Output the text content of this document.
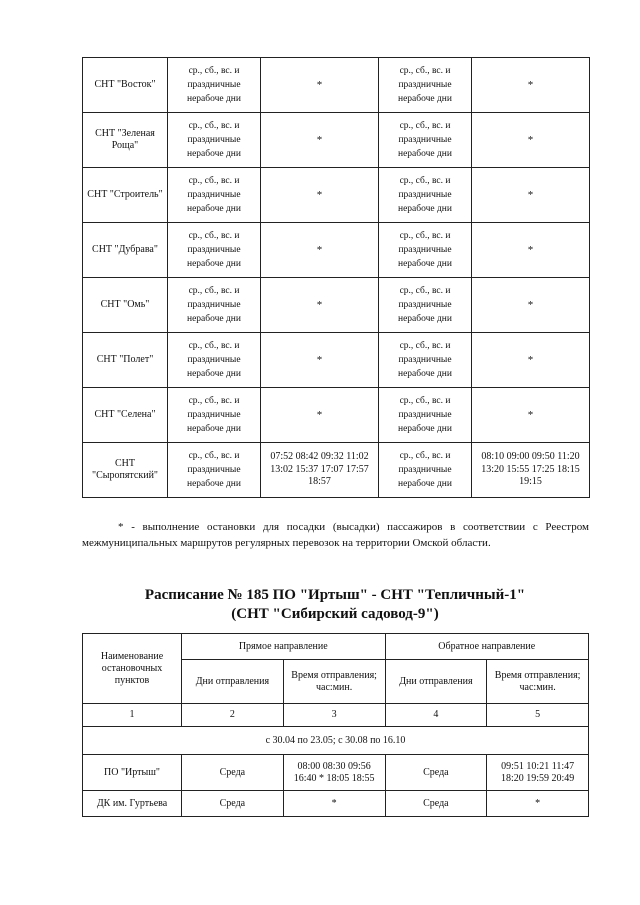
СНТ "Восток"	ср., сб., вс. и праздничные нерабоче дни	*	ср., сб., вс. и праздничные нерабоче дни	*
СНТ "Зеленая Роща"	ср., сб., вс. и праздничные нерабоче дни	*	ср., сб., вс. и праздничные нерабоче дни	*
СНТ "Строитель"	ср., сб., вс. и праздничные нерабоче дни	*	ср., сб., вс. и праздничные нерабоче дни	*
СНТ "Дубрава"	ср., сб., вс. и праздничные нерабоче дни	*	ср., сб., вс. и праздничные нерабоче дни	*
СНТ "Омь"	ср., сб., вс. и праздничные нерабоче дни	*	ср., сб., вс. и праздничные нерабоче дни	*
СНТ "Полет"	ср., сб., вс. и праздничные нерабоче дни	*	ср., сб., вс. и праздничные нерабоче дни	*
СНТ "Селена"	ср., сб., вс. и праздничные нерабоче дни	*	ср., сб., вс. и праздничные нерабоче дни	*
СНТ "Сыропятский"	ср., сб., вс. и праздничные нерабоче дни	07:52 08:42 09:32 11:02 13:02 15:37 17:07 17:57 18:57	ср., сб., вс. и праздничные нерабоче дни	08:10 09:00 09:50 11:20 13:20 15:55 17:25 18:15 19:15
* - выполнение остановки для посадки (высадки) пассажиров в соответствии с Реестром межмуниципальных маршрутов регулярных перевозок на территории Омской области.
Расписание № 185 ПО "Иртыш" - СНТ "Тепличный-1"
(СНТ "Сибирский садовод-9")
Наименование остановочных пунктов	Прямое направление		Обратное направление	
	Дни отправления	Время отправления; час:мин.	Дни отправления	Время отправления; час:мин.
1	2	3	4	5
с 30.04 по 23.05; с 30.08 по 16.10				
ПО "Иртыш"	Среда	08:00 08:30 09:56 16:40 * 18:05 18:55	Среда	09:51 10:21 11:47 18:20 19:59 20:49
ДК им. Гуртьева	Среда	*	Среда	*
